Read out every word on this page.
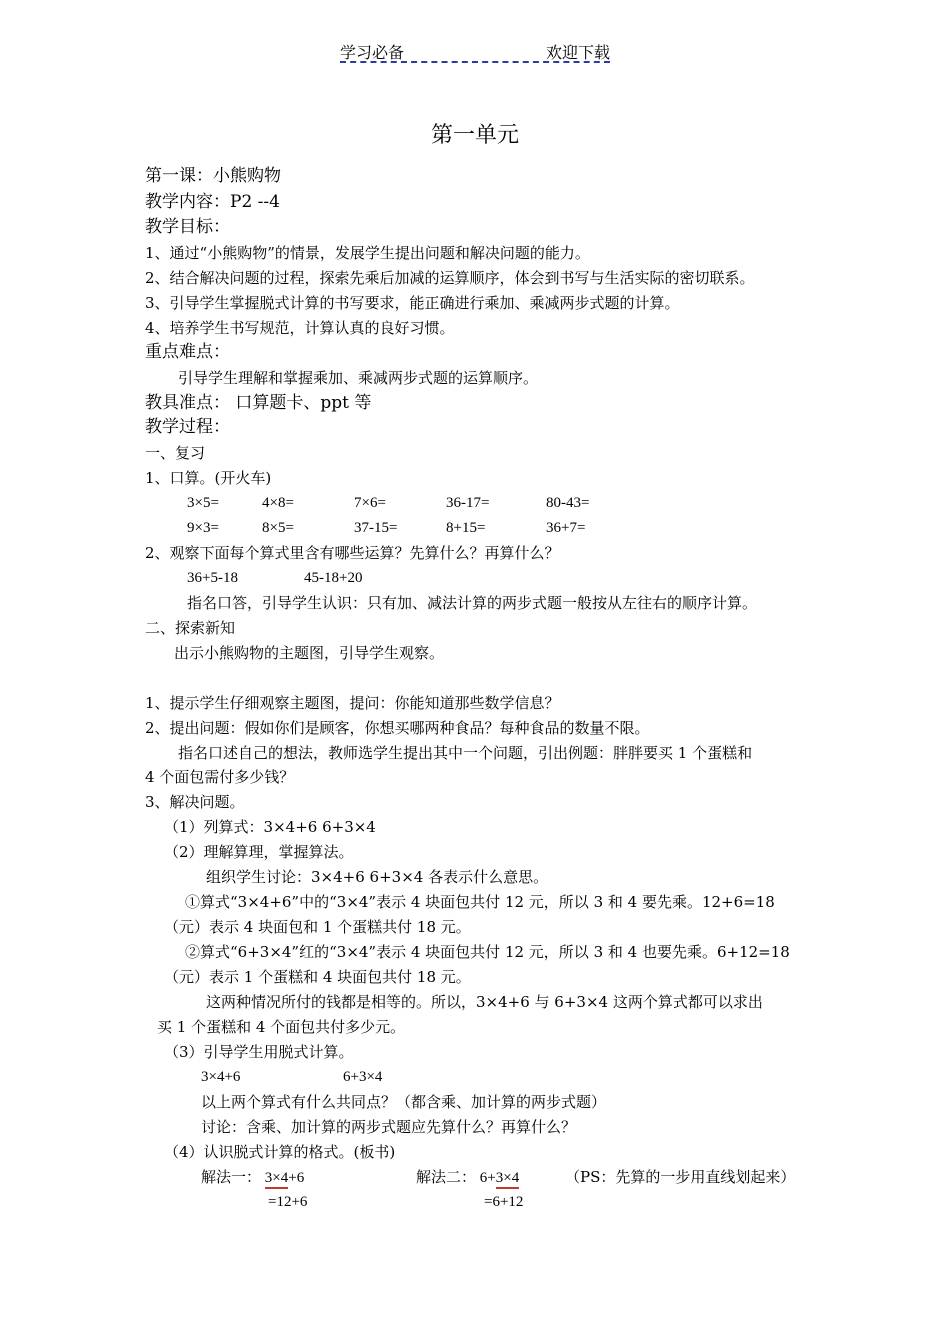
学习必备	欢迎下载
第一单元
第一课：小熊购物
教学内容：P2 --4
教学目标：
1、通过“小熊购物”的情景，发展学生提出问题和解决问题的能力。
2、结合解决问题的过程，探索先乘后加减的运算顺序，体会到书写与生活实际的密切联系。
3、引导学生掌握脱式计算的书写要求，能正确进行乘加、乘减两步式题的计算。
4、培养学生书写规范，计算认真的良好习惯。
重点难点：
引导学生理解和掌握乘加、乘减两步式题的运算顺序。
教具准点： 口算题卡、ppt 等
教学过程：
一、复习
1、口算。(开火车)
3×5=	4×8=	7×6=	36-17=	80-43=
9×3=	8×5=	37-15=	8+15=	36+7=
2、观察下面每个算式里含有哪些运算？先算什么？再算什么？
36+5-18	45-18+20
指名口答，引导学生认识：只有加、减法计算的两步式题一般按从左往右的顺序计算。
二、探索新知
出示小熊购物的主题图，引导学生观察。
1、提示学生仔细观察主题图，提问：你能知道那些数学信息？
2、提出问题：假如你们是顾客，你想买哪两种食品？每种食品的数量不限。
指名口述自己的想法，教师选学生提出其中一个问题，引出例题：胖胖要买 1 个蛋糕和
4 个面包需付多少钱？
3、解决问题。
（1）列算式：3×4+6 6+3×4
（2）理解算理，掌握算法。
组织学生讨论：3×4+6 6+3×4 各表示什么意思。
①算式“3×4+6”中的“3×4”表示 4 块面包共付 12 元，所以 3 和 4 要先乘。12+6=18
（元）表示 4 块面包和 1 个蛋糕共付 18 元。
②算式“6+3×4”红的“3×4”表示 4 块面包共付 12 元，所以 3 和 4 也要先乘。6+12=18
（元）表示 1 个蛋糕和 4 块面包共付 18 元。
这两种情况所付的钱都是相等的。所以，3×4+6 与 6+3×4 这两个算式都可以求出
买 1 个蛋糕和 4 个面包共付多少元。
（3）引导学生用脱式计算。
3×4+6	6+3×4
以上两个算式有什么共同点？（都含乘、加计算的两步式题）
讨论：含乘、加计算的两步式题应先算什么？再算什么？
（4）认识脱式计算的格式。(板书)
解法一： 3×4+6
=12+6
解法二： 6+3×4
=6+12
（PS：先算的一步用直线划起来）
